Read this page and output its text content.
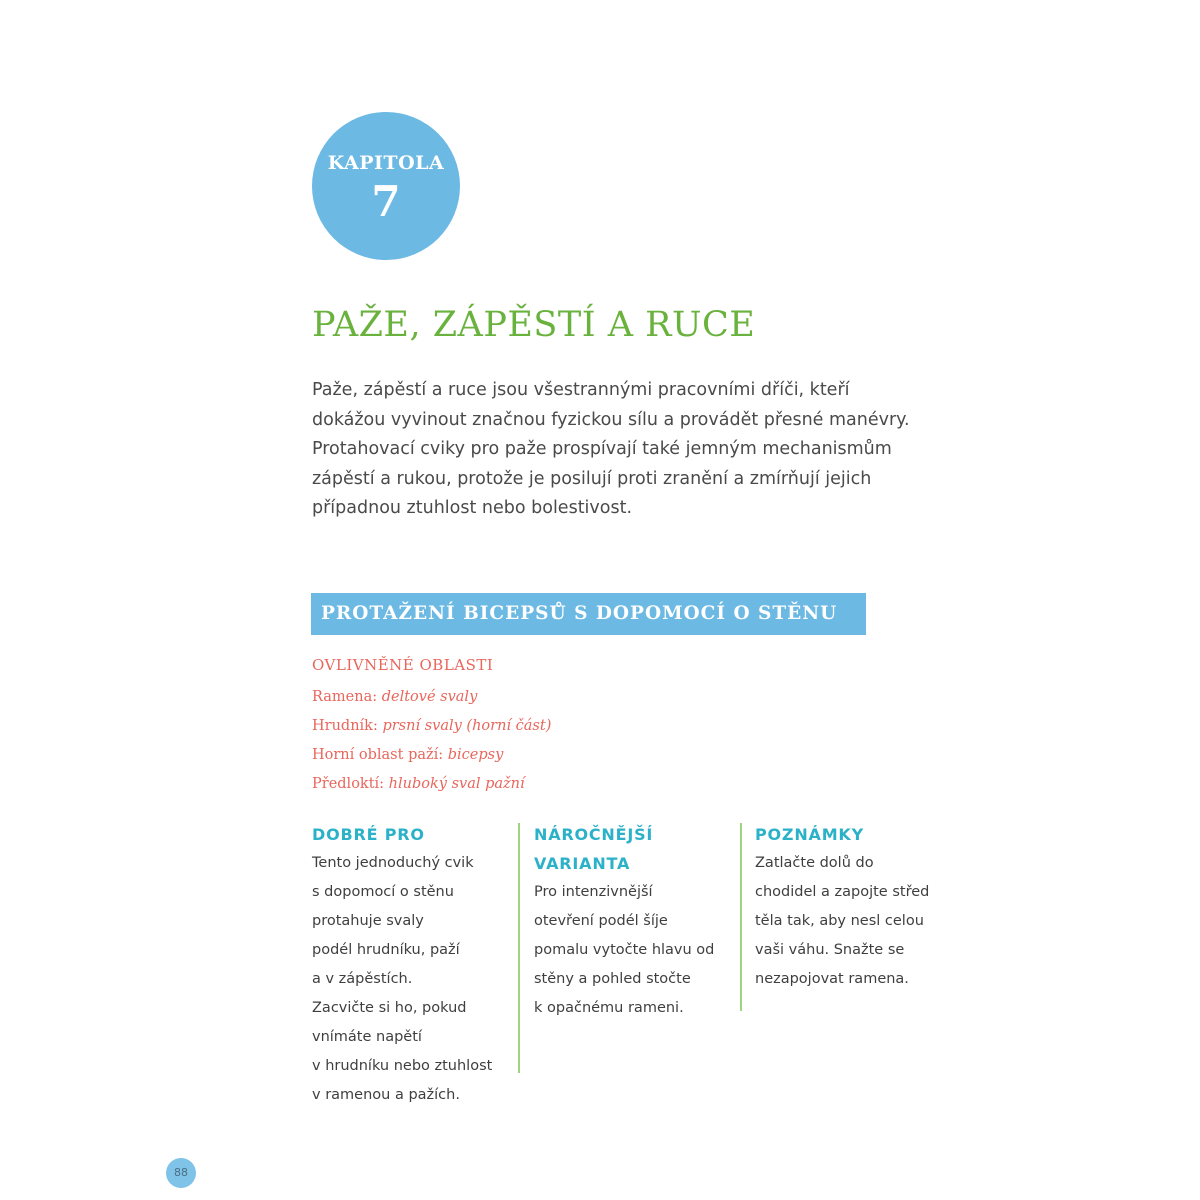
KAPITOLA
7
PAŽE, ZÁPĚSTÍ A RUCE

Paže, zápěstí a ruce jsou všestrannými pracovními dříči, kteří
dokážou vyvinout značnou fyzickou sílu a provádět přesné manévry.
Protahovací cviky pro paže prospívají také jemným mechanismům
zápěstí a rukou, protože je posilují proti zranění a zmírňují jejich
případnou ztuhlost nebo bolestivost.

PROTAŽENÍ BICEPSŮ S DOPOMOCÍ O STĚNU
OVLIVNĚNÉ OBLASTI
Ramena: deltové svaly
Hrudník: prsní svaly (horní část)
Horní oblast paží: bicepsy
Předloktí: hluboký sval pažní
DOBRÉ PRO
Tento jednoduchý cvik
s dopomocí o stěnu
protahuje svaly
podél hrudníku, paží
a v zápěstích.
Zacvičte si ho, pokud
vnímáte napětí
v hrudníku nebo ztuhlost
v ramenou a pažích.
NÁROČNĚJŠÍ
VARIANTA
Pro intenzivnější
otevření podél šíje
pomalu vytočte hlavu od
stěny a pohled stočte
k opačnému rameni.
POZNÁMKY
Zatlačte dolů do
chodidel a zapojte střed
těla tak, aby nesl celou
vaši váhu. Snažte se
nezapojovat ramena.
88
